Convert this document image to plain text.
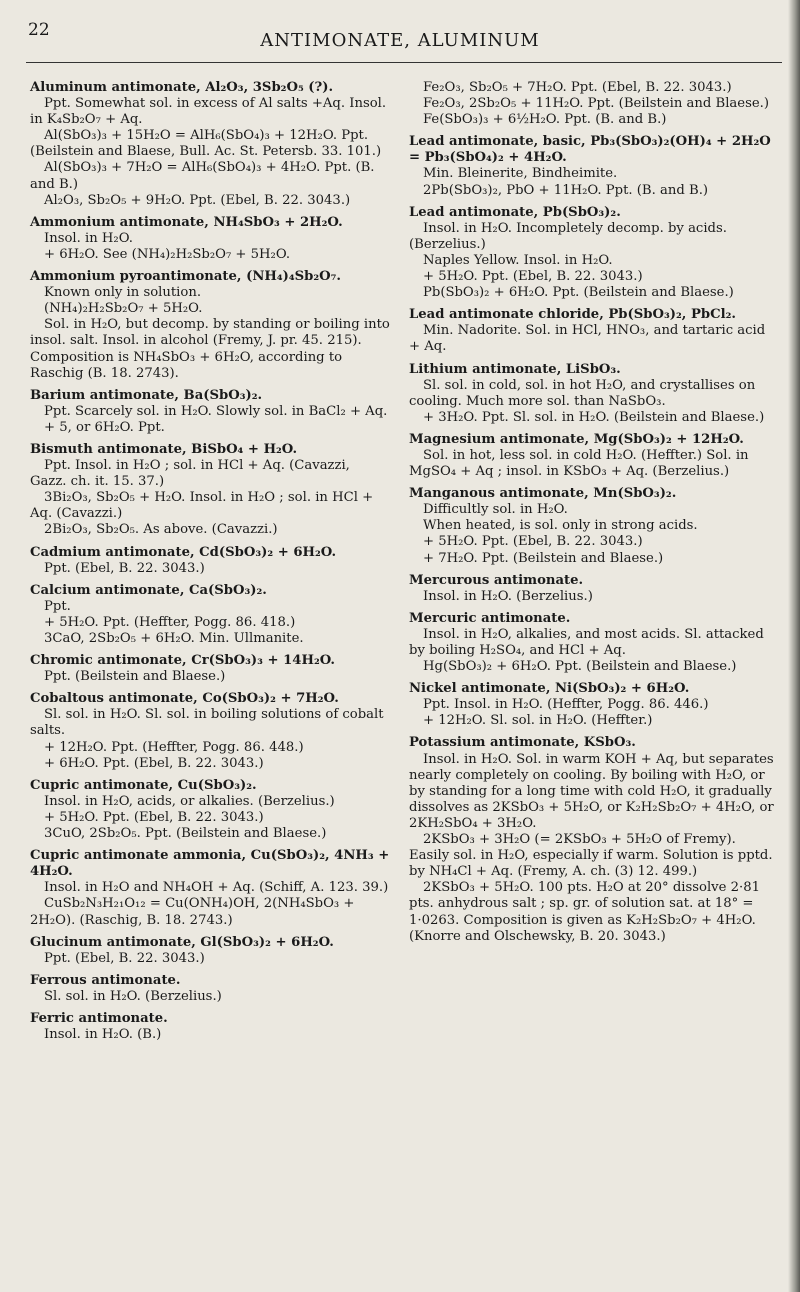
22	ANTIMONATE, ALUMINUM
Aluminum antimonate, Al₂O₃, 3Sb₂O₅ (?).
Ppt. Somewhat sol. in excess of Al salts +Aq. Insol. in K₄Sb₂O₇ + Aq.
Al(SbO₃)₃ + 15H₂O = AlH₆(SbO₄)₃ + 12H₂O. Ppt. (Beilstein and Blaese, Bull. Ac. St. Petersb. 33. 101.)
Al(SbO₃)₃ + 7H₂O = AlH₆(SbO₄)₃ + 4H₂O. Ppt. (B. and B.)
Al₂O₃, Sb₂O₅ + 9H₂O. Ppt. (Ebel, B. 22. 3043.)
Ammonium antimonate, NH₄SbO₃ + 2H₂O.
Insol. in H₂O.
+ 6H₂O. See (NH₄)₂H₂Sb₂O₇ + 5H₂O.
Ammonium pyroantimonate, (NH₄)₄Sb₂O₇.
Known only in solution.
(NH₄)₂H₂Sb₂O₇ + 5H₂O.
Sol. in H₂O, but decomp. by standing or boiling into insol. salt. Insol. in alcohol (Fremy, J. pr. 45. 215). Composition is NH₄SbO₃ + 6H₂O, according to Raschig (B. 18. 2743).
Barium antimonate, Ba(SbO₃)₂.
Ppt. Scarcely sol. in H₂O. Slowly sol. in BaCl₂ + Aq.
+ 5, or 6H₂O. Ppt.
Bismuth antimonate, BiSbO₄ + H₂O.
Ppt. Insol. in H₂O ; sol. in HCl + Aq. (Cavazzi, Gazz. ch. it. 15. 37.)
3Bi₂O₃, Sb₂O₅ + H₂O. Insol. in H₂O ; sol. in HCl + Aq. (Cavazzi.)
2Bi₂O₃, Sb₂O₅. As above. (Cavazzi.)
Cadmium antimonate, Cd(SbO₃)₂ + 6H₂O.
Ppt. (Ebel, B. 22. 3043.)
Calcium antimonate, Ca(SbO₃)₂.
Ppt.
+ 5H₂O. Ppt. (Heffter, Pogg. 86. 418.)
3CaO, 2Sb₂O₅ + 6H₂O. Min. Ullmanite.
Chromic antimonate, Cr(SbO₃)₃ + 14H₂O.
Ppt. (Beilstein and Blaese.)
Cobaltous antimonate, Co(SbO₃)₂ + 7H₂O.
Sl. sol. in H₂O. Sl. sol. in boiling solutions of cobalt salts.
+ 12H₂O. Ppt. (Heffter, Pogg. 86. 448.)
+ 6H₂O. Ppt. (Ebel, B. 22. 3043.)
Cupric antimonate, Cu(SbO₃)₂.
Insol. in H₂O, acids, or alkalies. (Berzelius.)
+ 5H₂O. Ppt. (Ebel, B. 22. 3043.)
3CuO, 2Sb₂O₅. Ppt. (Beilstein and Blaese.)
Cupric antimonate ammonia, Cu(SbO₃)₂, 4NH₃ + 4H₂O.
Insol. in H₂O and NH₄OH + Aq. (Schiff, A. 123. 39.)
CuSb₂N₃H₂₁O₁₂ = Cu(ONH₄)OH, 2(NH₄SbO₃ + 2H₂O). (Raschig, B. 18. 2743.)
Glucinum antimonate, Gl(SbO₃)₂ + 6H₂O.
Ppt. (Ebel, B. 22. 3043.)
Ferrous antimonate.
Sl. sol. in H₂O. (Berzelius.)
Ferric antimonate.
Insol. in H₂O. (B.)
Fe₂O₃, Sb₂O₅ + 7H₂O. Ppt. (Ebel, B. 22. 3043.)
Fe₂O₃, 2Sb₂O₅ + 11H₂O. Ppt. (Beilstein and Blaese.)
Fe(SbO₃)₃ + 6½H₂O. Ppt. (B. and B.)
Lead antimonate, basic, Pb₃(SbO₃)₂(OH)₄ + 2H₂O = Pb₃(SbO₄)₂ + 4H₂O.
Min. Bleinerite, Bindheimite.
2Pb(SbO₃)₂, PbO + 11H₂O. Ppt. (B. and B.)
Lead antimonate, Pb(SbO₃)₂.
Insol. in H₂O. Incompletely decomp. by acids. (Berzelius.)
Naples Yellow. Insol. in H₂O.
+ 5H₂O. Ppt. (Ebel, B. 22. 3043.)
Pb(SbO₃)₂ + 6H₂O. Ppt. (Beilstein and Blaese.)
Lead antimonate chloride, Pb(SbO₃)₂, PbCl₂.
Min. Nadorite. Sol. in HCl, HNO₃, and tartaric acid + Aq.
Lithium antimonate, LiSbO₃.
Sl. sol. in cold, sol. in hot H₂O, and crystallises on cooling. Much more sol. than NaSbO₃.
+ 3H₂O. Ppt. Sl. sol. in H₂O. (Beilstein and Blaese.)
Magnesium antimonate, Mg(SbO₃)₂ + 12H₂O.
Sol. in hot, less sol. in cold H₂O. (Heffter.) Sol. in MgSO₄ + Aq ; insol. in KSbO₃ + Aq. (Berzelius.)
Manganous antimonate, Mn(SbO₃)₂.
Difficultly sol. in H₂O.
When heated, is sol. only in strong acids.
+ 5H₂O. Ppt. (Ebel, B. 22. 3043.)
+ 7H₂O. Ppt. (Beilstein and Blaese.)
Mercurous antimonate.
Insol. in H₂O. (Berzelius.)
Mercuric antimonate.
Insol. in H₂O, alkalies, and most acids. Sl. attacked by boiling H₂SO₄, and HCl + Aq.
Hg(SbO₃)₂ + 6H₂O. Ppt. (Beilstein and Blaese.)
Nickel antimonate, Ni(SbO₃)₂ + 6H₂O.
Ppt. Insol. in H₂O. (Heffter, Pogg. 86. 446.)
+ 12H₂O. Sl. sol. in H₂O. (Heffter.)
Potassium antimonate, KSbO₃.
Insol. in H₂O. Sol. in warm KOH + Aq, but separates nearly completely on cooling. By boiling with H₂O, or by standing for a long time with cold H₂O, it gradually dissolves as 2KSbO₃ + 5H₂O, or K₂H₂Sb₂O₇ + 4H₂O, or 2KH₂SbO₄ + 3H₂O.
2KSbO₃ + 3H₂O (= 2KSbO₃ + 5H₂O of Fremy). Easily sol. in H₂O, especially if warm. Solution is pptd. by NH₄Cl + Aq. (Fremy, A. ch. (3) 12. 499.)
2KSbO₃ + 5H₂O. 100 pts. H₂O at 20° dissolve 2·81 pts. anhydrous salt ; sp. gr. of solution sat. at 18° = 1·0263. Composition is given as K₂H₂Sb₂O₇ + 4H₂O. (Knorre and Olschewsky, B. 20. 3043.)
